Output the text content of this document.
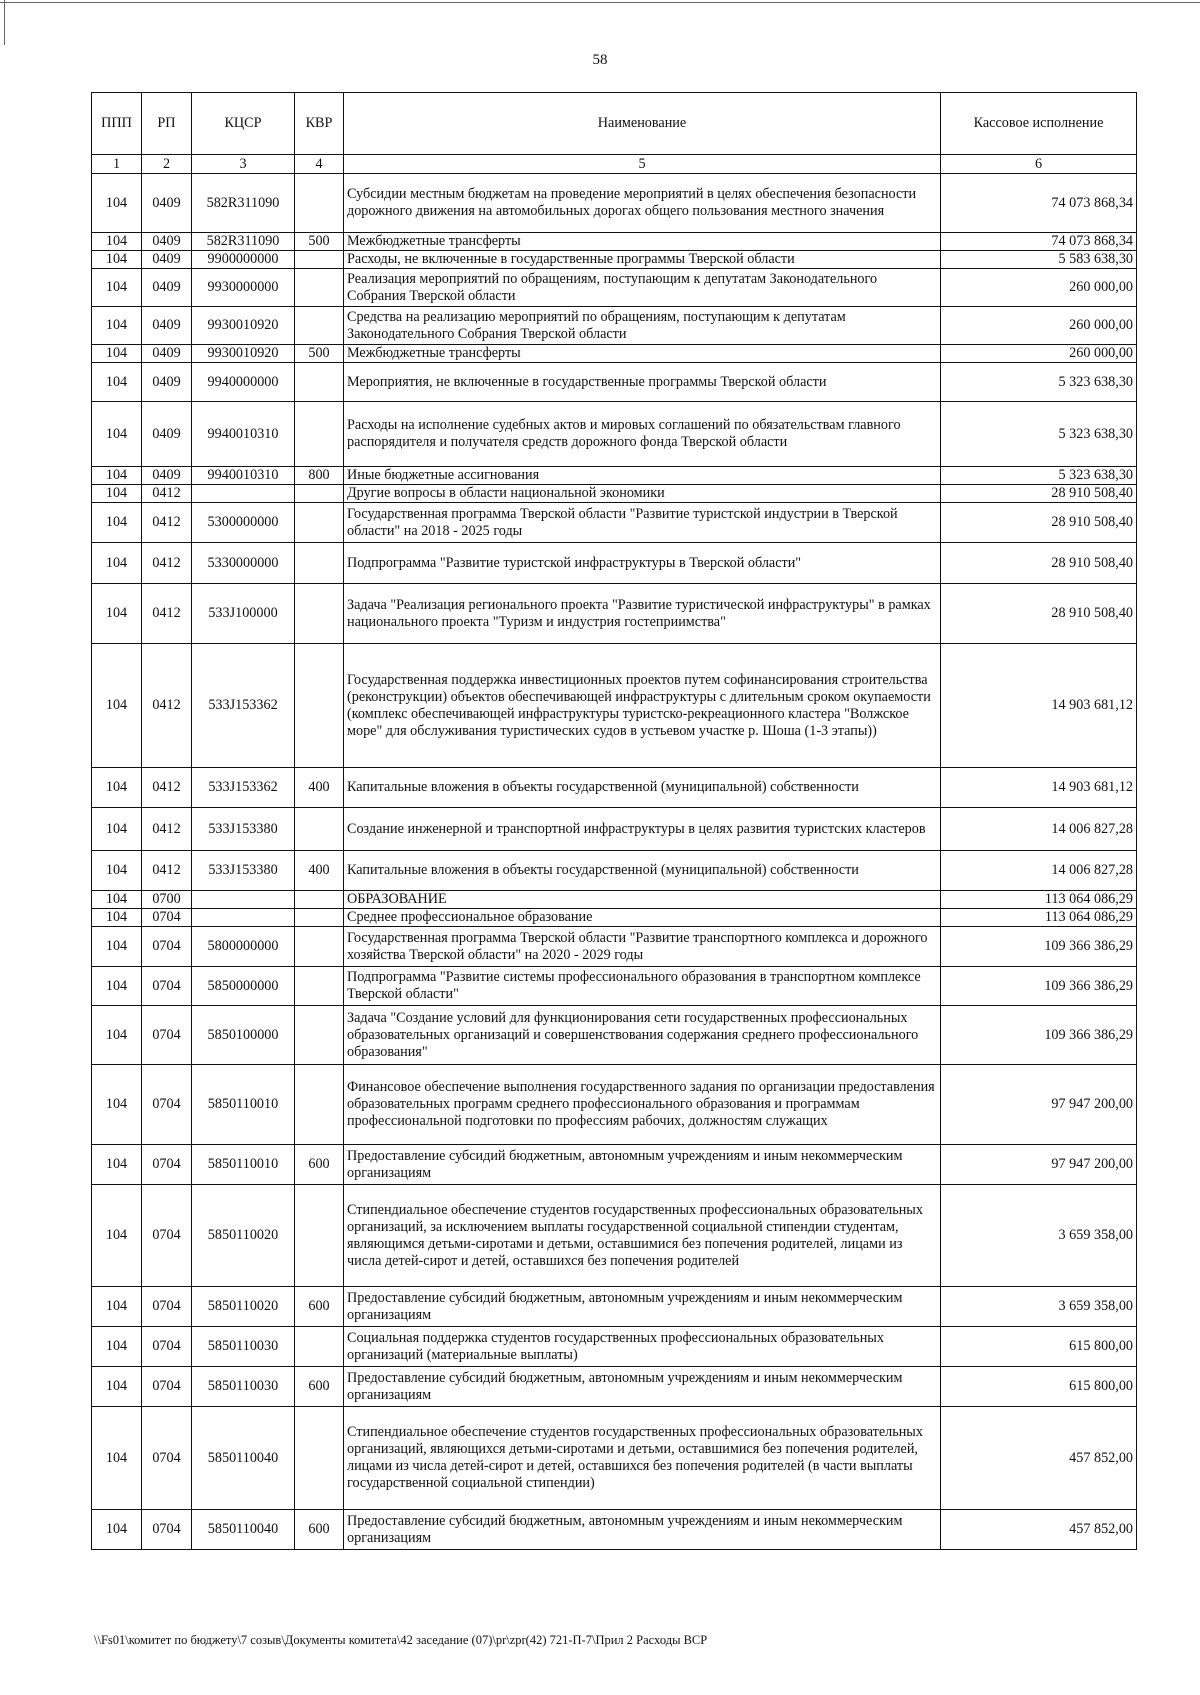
58
ППП	РП	КЦСР	КВР	Наименование	Кассовое исполнение
1	2	3	4	5	6
104	0409	582R311090		Субсидии местным бюджетам на проведение мероприятий в целях обеспечения безопасности дорожного движения на автомобильных дорогах общего пользования местного значения	74 073 868,34
104	0409	582R311090	500	Межбюджетные трансферты	74 073 868,34
104	0409	9900000000		Расходы, не включенные в государственные программы Тверской области	5 583 638,30
104	0409	9930000000		Реализация мероприятий по обращениям, поступающим к депутатам Законодательного Собрания Тверской области	260 000,00
104	0409	9930010920		Средства на реализацию мероприятий по обращениям, поступающим к депутатам Законодательного Собрания Тверской области	260 000,00
104	0409	9930010920	500	Межбюджетные трансферты	260 000,00
104	0409	9940000000		Мероприятия, не включенные в государственные программы Тверской области	5 323 638,30
104	0409	9940010310		Расходы на исполнение судебных актов и мировых соглашений по обязательствам главного распорядителя и получателя средств дорожного фонда Тверской области	5 323 638,30
104	0409	9940010310	800	Иные бюджетные ассигнования	5 323 638,30
104	0412			Другие вопросы в области национальной экономики	28 910 508,40
104	0412	5300000000		Государственная программа Тверской области "Развитие туристской индустрии в Тверской области" на 2018 - 2025 годы	28 910 508,40
104	0412	5330000000		Подпрограмма "Развитие туристской инфраструктуры в Тверской области"	28 910 508,40
104	0412	533J100000		Задача "Реализация регионального проекта "Развитие туристической инфраструктуры" в рамках национального проекта "Туризм и индустрия гостеприимства"	28 910 508,40
104	0412	533J153362		Государственная поддержка инвестиционных проектов путем софинансирования строительства (реконструкции) объектов обеспечивающей инфраструктуры с длительным сроком окупаемости (комплекс обеспечивающей инфраструктуры туристско-рекреационного кластера "Волжское море" для обслуживания туристических судов в устьевом участке р. Шоша (1-3 этапы))	14 903 681,12
104	0412	533J153362	400	Капитальные вложения в объекты государственной (муниципальной) собственности	14 903 681,12
104	0412	533J153380		Создание инженерной и транспортной инфраструктуры в целях развития туристских кластеров	14 006 827,28
104	0412	533J153380	400	Капитальные вложения в объекты государственной (муниципальной) собственности	14 006 827,28
104	0700			ОБРАЗОВАНИЕ	113 064 086,29
104	0704			Среднее профессиональное образование	113 064 086,29
104	0704	5800000000		Государственная программа Тверской области "Развитие транспортного комплекса и дорожного хозяйства Тверской области" на 2020 - 2029 годы	109 366 386,29
104	0704	5850000000		Подпрограмма "Развитие системы профессионального образования в транспортном комплексе Тверской области"	109 366 386,29
104	0704	5850100000		Задача "Создание условий для функционирования сети государственных профессиональных образовательных организаций и совершенствования содержания среднего профессионального образования"	109 366 386,29
104	0704	5850110010		Финансовое обеспечение выполнения государственного задания по организации предоставления образовательных программ среднего профессионального образования и программам профессиональной подготовки по профессиям рабочих, должностям служащих	97 947 200,00
104	0704	5850110010	600	Предоставление субсидий бюджетным, автономным учреждениям и иным некоммерческим организациям	97 947 200,00
104	0704	5850110020		Стипендиальное обеспечение студентов государственных профессиональных образовательных организаций, за исключением выплаты государственной социальной стипендии студентам, являющимся детьми-сиротами и детьми, оставшимися без попечения родителей, лицами из числа детей-сирот и детей, оставшихся без попечения родителей	3 659 358,00
104	0704	5850110020	600	Предоставление субсидий бюджетным, автономным учреждениям и иным некоммерческим организациям	3 659 358,00
104	0704	5850110030		Социальная поддержка студентов государственных профессиональных образовательных организаций (материальные выплаты)	615 800,00
104	0704	5850110030	600	Предоставление субсидий бюджетным, автономным учреждениям и иным некоммерческим организациям	615 800,00
104	0704	5850110040		Стипендиальное обеспечение студентов государственных профессиональных образовательных организаций, являющихся детьми-сиротами и детьми, оставшимися без попечения родителей, лицами из числа детей-сирот и детей, оставшихся без попечения родителей (в части выплаты государственной социальной стипендии)	457 852,00
104	0704	5850110040	600	Предоставление субсидий бюджетным, автономным учреждениям и иным некоммерческим организациям	457 852,00
\\Fs01\комитет по бюджету\7 созыв\Документы комитета\42 заседание (07)\pr\zpr(42) 721-П-7\Прил 2 Расходы ВСР
